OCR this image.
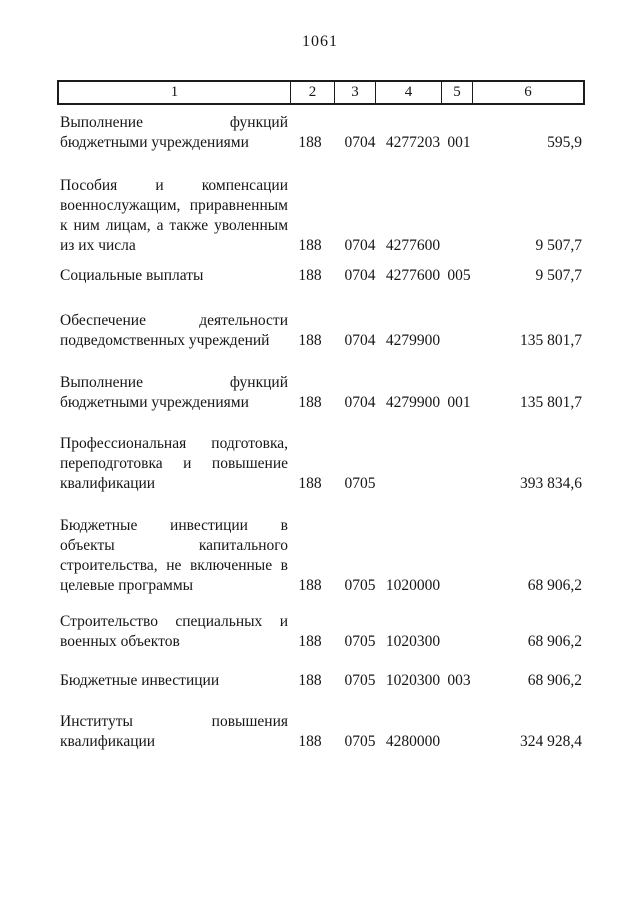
1061
1	2	3	4	5	6
Выполнение функций
бюджетными учреждениями	188	0704 4277203 001	595,9
Пособия и компенсации
военнослужащим, приравненным
к ним лицам, а также уволенным
из их числа	188	0704 4277600	9 507,7
Социальные выплаты	188	0704 4277600 005	9 507,7
Обеспечение деятельности
подведомственных учреждений	188	0704 4279900	135 801,7
Выполнение функций
бюджетными учреждениями	188	0704 4279900 001	135 801,7
Профессиональная подготовка,
переподготовка и повышение
квалификации	188	0705	393 834,6
Бюджетные инвестиции в
объекты капитального
строительства, не включенные в
целевые программы	188	0705 1020000	68 906,2
Строительство специальных и
военных объектов	188	0705 1020300	68 906,2
Бюджетные инвестиции	188	0705 1020300 003	68 906,2
Институты повышения
квалификации	188	0705 4280000	324 928,4
